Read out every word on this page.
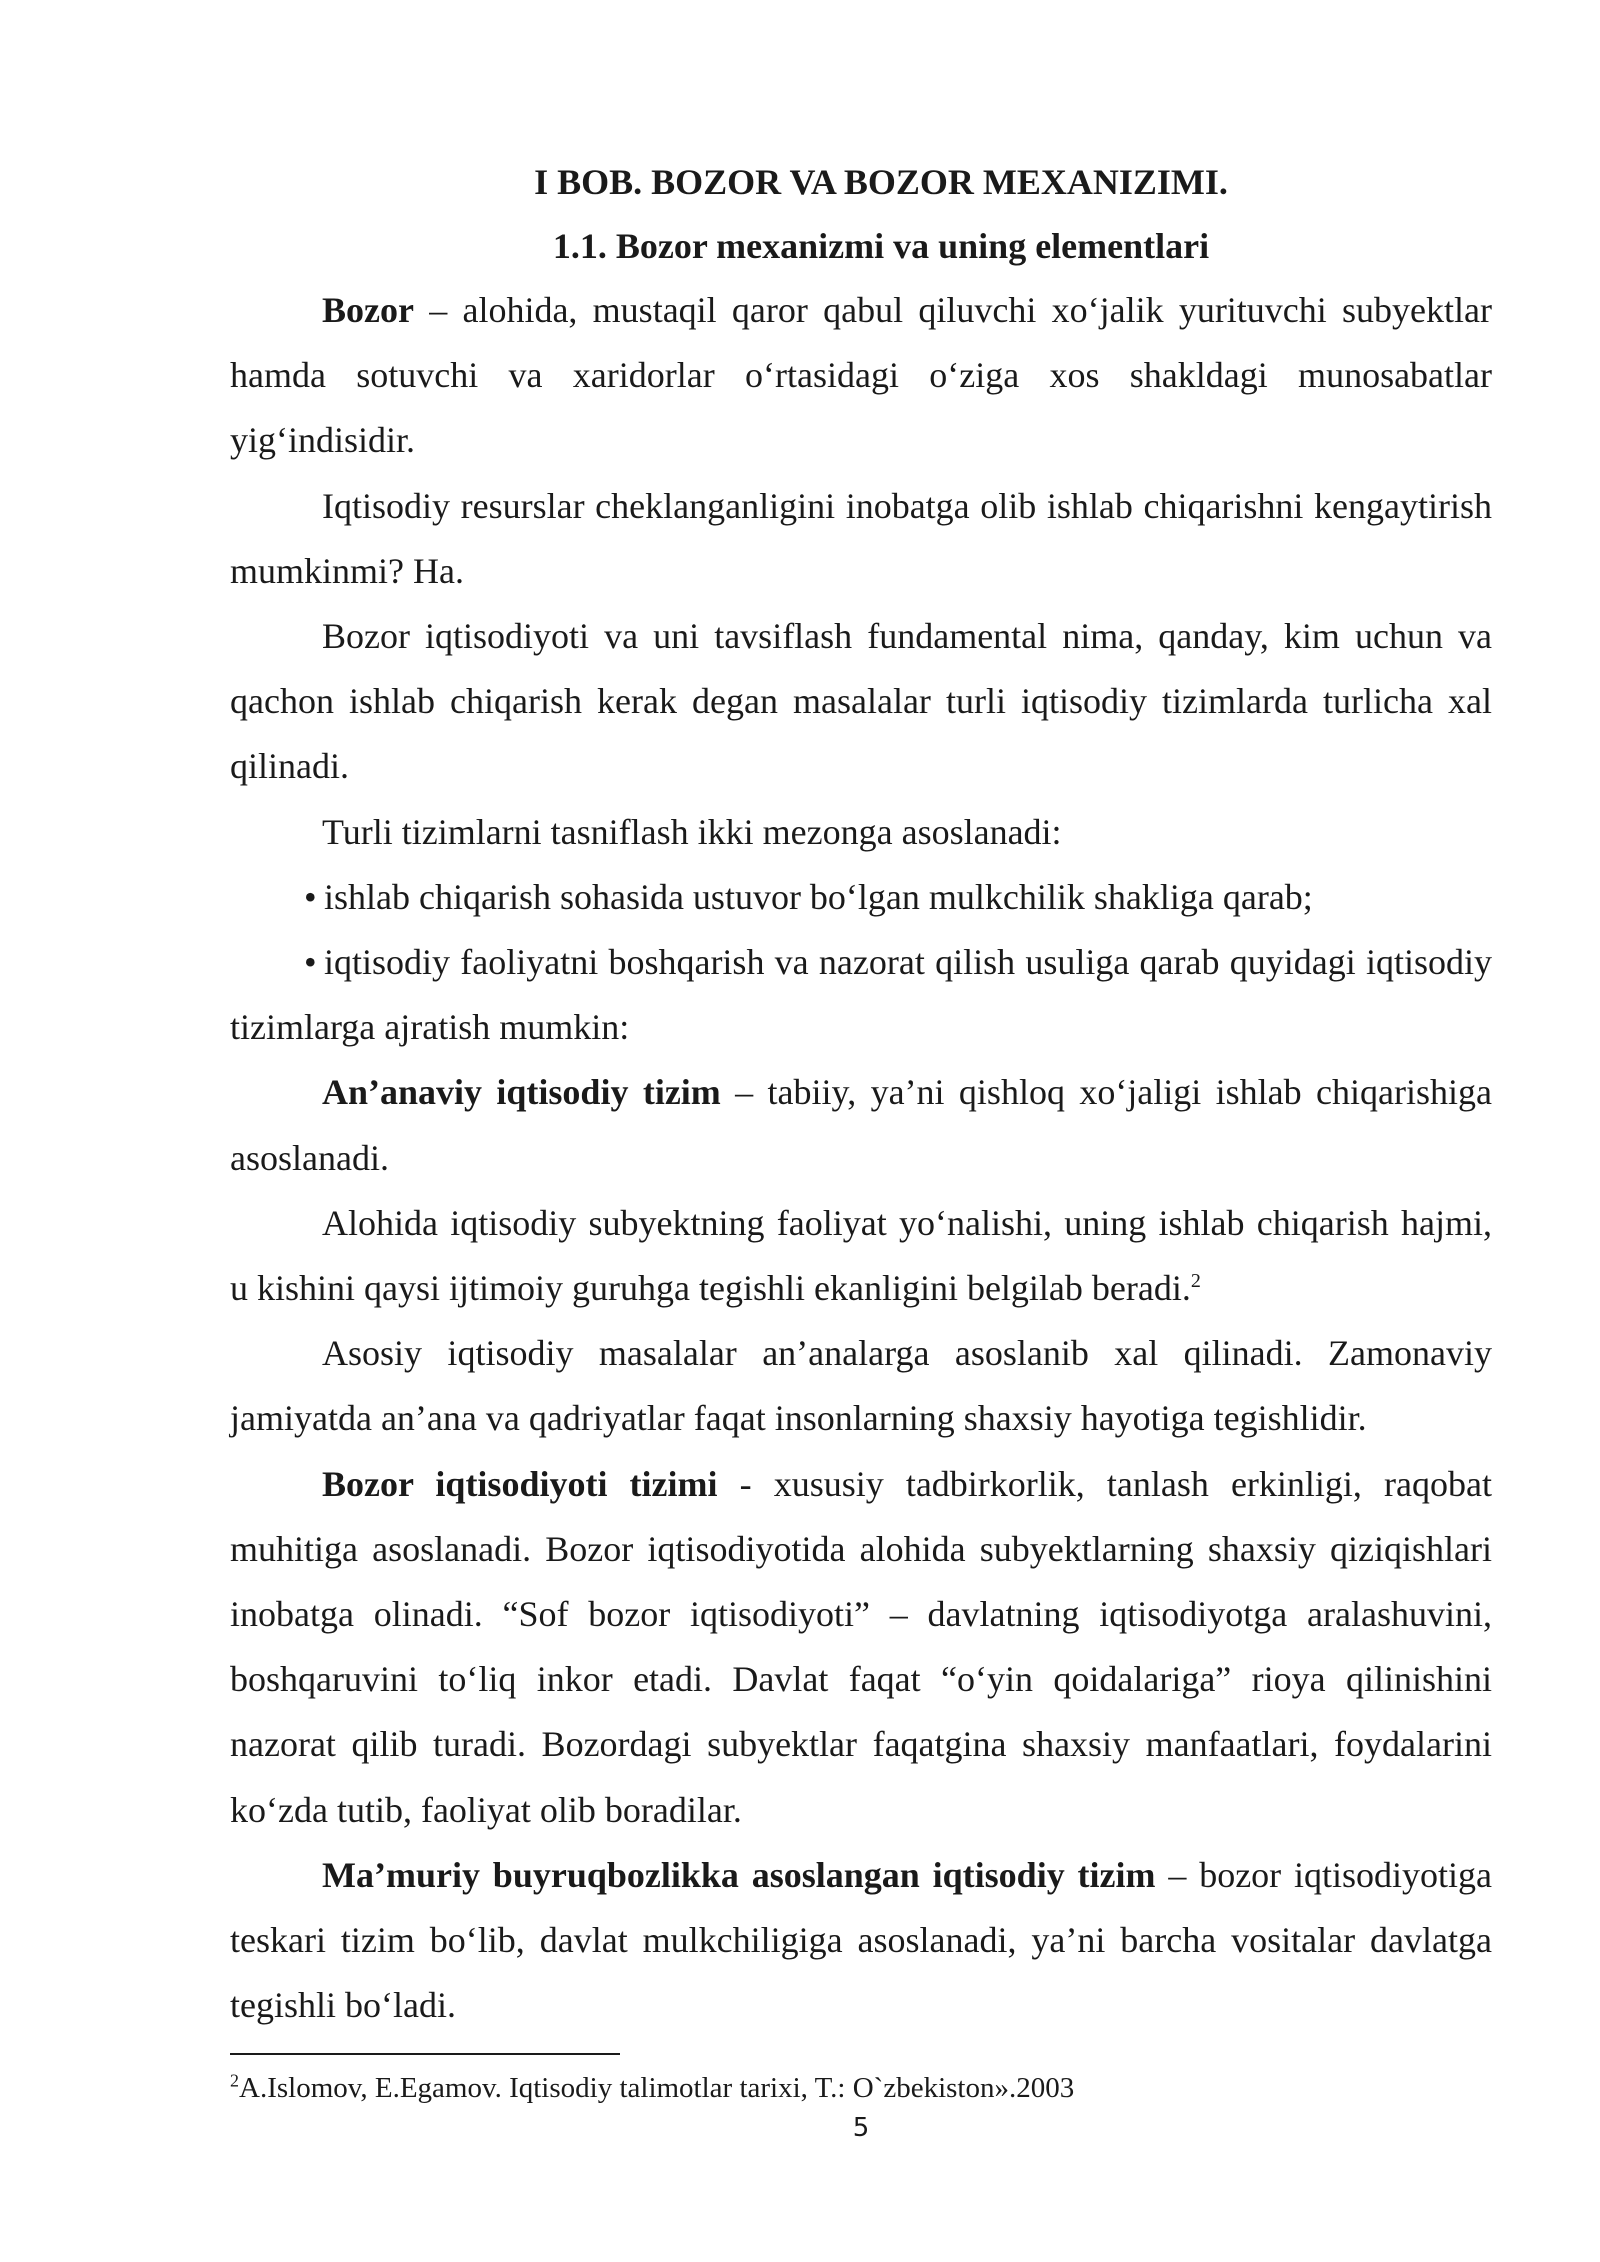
I BOB. BOZOR VA BOZOR MEXANIZIMI.
1.1. Bozor mexanizmi va uning elementlari

Bozor – alohida, mustaqil qaror qabul qiluvchi xo‘jalik yurituvchi subyektlar hamda sotuvchi va xaridorlar o‘rtasidagi o‘ziga xos shakldagi munosabatlar yig‘indisidir.

Iqtisodiy resurslar cheklanganligini inobatga olib ishlab chiqarishni kengaytirish mumkinmi? Ha.

Bozor iqtisodiyoti va uni tavsiflash fundamental nima, qanday, kim uchun va qachon ishlab chiqarish kerak degan masalalar turli iqtisodiy tizimlarda turlicha xal qilinadi.

Turli tizimlarni tasniflash ikki mezonga asoslanadi:

• ishlab chiqarish sohasida ustuvor bo‘lgan mulkchilik shakliga qarab;

• iqtisodiy faoliyatni boshqarish va nazorat qilish usuliga qarab quyidagi iqtisodiy tizimlarga ajratish mumkin:

An’anaviy iqtisodiy tizim – tabiiy, ya’ni qishloq xo‘jaligi ishlab chiqarishiga asoslanadi.

Alohida iqtisodiy subyektning faoliyat yo‘nalishi, uning ishlab chiqarish hajmi, u kishini qaysi ijtimoiy guruhga tegishli ekanligini belgilab beradi.$^2$

Asosiy iqtisodiy masalalar an’analarga asoslanib xal qilinadi. Zamonaviy jamiyatda an’ana va qadriyatlar faqat insonlarning shaxsiy hayotiga tegishlidir.

Bozor iqtisodiyoti tizimi - xususiy tadbirkorlik, tanlash erkinligi, raqobat muhitiga asoslanadi. Bozor iqtisodiyotida alohida subyektlarning shaxsiy qiziqishlari inobatga olinadi. “Sof bozor iqtisodiyoti” – davlatning iqtisodiyotga aralashuvini, boshqaruvini to‘liq inkor etadi. Davlat faqat “o‘yin qoidalariga” rioya qilinishini nazorat qilib turadi. Bozordagi subyektlar faqatgina shaxsiy manfaatlari, foydalarini ko‘zda tutib, faoliyat olib boradilar.

Ma’muriy buyruqbozlikka asoslangan iqtisodiy tizim – bozor iqtisodiyotiga teskari tizim bo‘lib, davlat mulkchiligiga asoslanadi, ya’ni barcha vositalar davlatga tegishli bo‘ladi.

$^2$A.Islomov, E.Egamov. Iqtisodiy talimotlar tarixi, T.: O`zbekiston».2003

5
